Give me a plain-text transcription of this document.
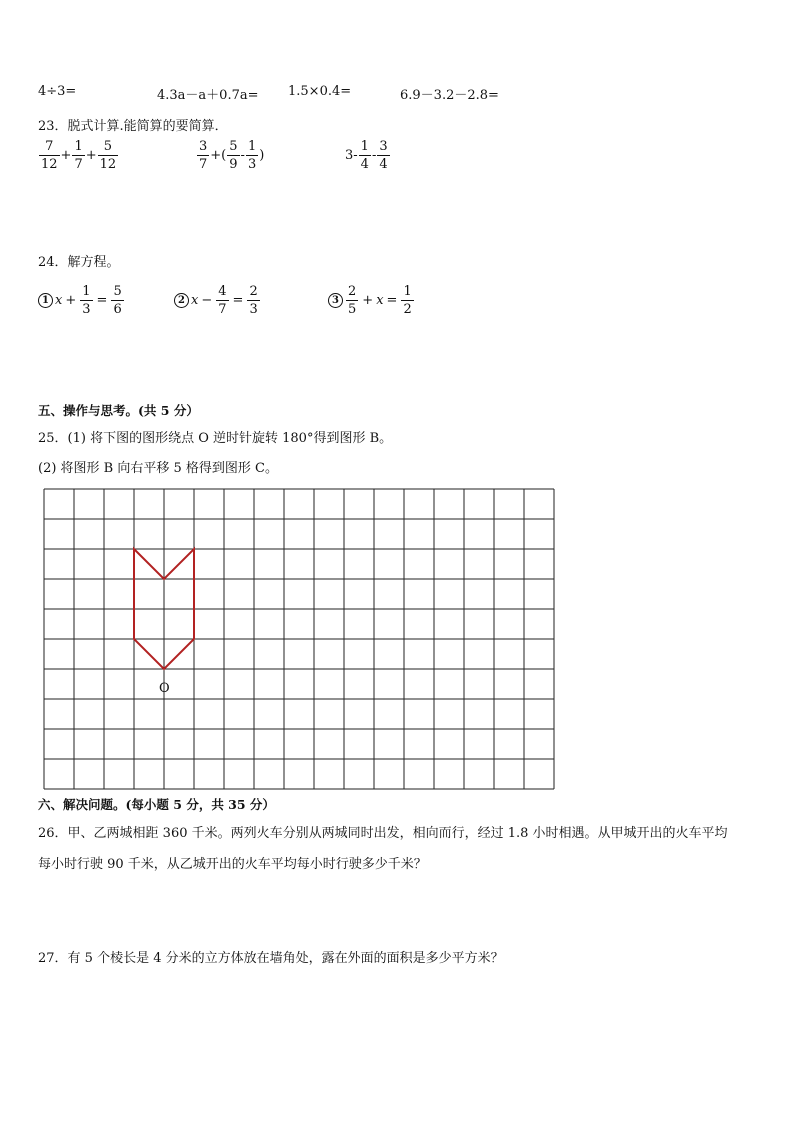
4÷3=	4.3a－a＋0.7a= 1.5×0.4=	6.9－3.2－2.8=
23．脱式计算.能简算的要简算．
$\frac{7}{12} + \frac{1}{7} + \frac{5}{12}$	$\frac{3}{7}$ +( $\frac{5}{9} - \frac{1}{3}$ )	$3- \frac{1}{4} - \frac{3}{4}$
24．解方程。
1 $x + \frac{1}{3} = \frac{5}{6}$	2 $x - \frac{4}{7} = \frac{2}{3}$	$3 \frac{2}{5} + x = \frac{1}{2}$
五、操作与思考。(共 5 分）
25．(1) 将下图的图形绕点 O 逆时针旋转 180°得到图形 B。
(2) 将图形 B 向右平移 5 格得到图形 C。
O
六、解决问题。(每小题 5 分，共 35 分）
26．甲、乙两城相距 360 千米。两列火车分别从两城同时出发，相向而行，经过 1.8 小时相遇。从甲城开出的火车平均
每小时行驶 90 千米，从乙城开出的火车平均每小时行驶多少千米？
27．有 5 个棱长是 4 分米的立方体放在墙角处，露在外面的面积是多少平方米？
